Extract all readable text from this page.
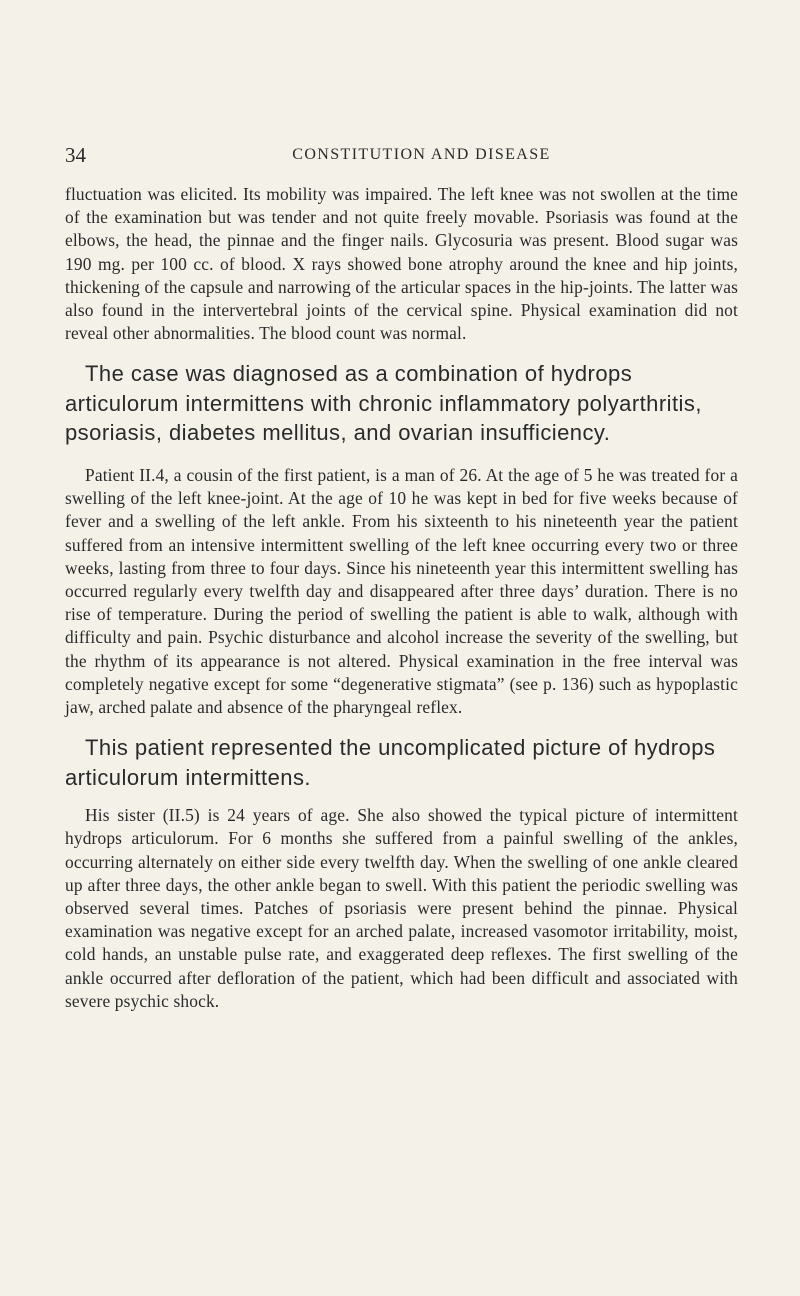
34	CONSTITUTION AND DISEASE

fluctuation was elicited. Its mobility was impaired. The left knee was not swollen at the time of the examination but was tender and not quite freely movable. Psoriasis was found at the elbows, the head, the pinnae and the finger nails. Glycosuria was present. Blood sugar was 190 mg. per 100 cc. of blood. X rays showed bone atrophy around the knee and hip joints, thickening of the capsule and narrowing of the articular spaces in the hip-joints. The latter was also found in the intervertebral joints of the cervical spine. Physical examination did not reveal other abnormalities. The blood count was normal.

The case was diagnosed as a combination of hydrops articulorum intermittens with chronic inflammatory polyarthritis, psoriasis, diabetes mellitus, and ovarian insufficiency.

Patient II.4, a cousin of the first patient, is a man of 26. At the age of 5 he was treated for a swelling of the left knee-joint. At the age of 10 he was kept in bed for five weeks because of fever and a swelling of the left ankle. From his sixteenth to his nineteenth year the patient suffered from an intensive intermittent swelling of the left knee occurring every two or three weeks, lasting from three to four days. Since his nineteenth year this intermittent swelling has occurred regularly every twelfth day and disappeared after three days’ duration. There is no rise of temperature. During the period of swelling the patient is able to walk, although with difficulty and pain. Psychic disturbance and alcohol increase the severity of the swelling, but the rhythm of its appearance is not altered. Physical examination in the free interval was completely negative except for some “degenerative stigmata” (see p. 136) such as hypoplastic jaw, arched palate and absence of the pharyngeal reflex.

This patient represented the uncomplicated picture of hydrops articulorum intermittens.

His sister (II.5) is 24 years of age. She also showed the typical picture of intermittent hydrops articulorum. For 6 months she suffered from a painful swelling of the ankles, occurring alternately on either side every twelfth day. When the swelling of one ankle cleared up after three days, the other ankle began to swell. With this patient the periodic swelling was observed several times. Patches of psoriasis were present behind the pinnae. Physical examination was negative except for an arched palate, increased vasomotor irritability, moist, cold hands, an unstable pulse rate, and exaggerated deep reflexes. The first swelling of the ankle occurred after defloration of the patient, which had been difficult and associated with severe psychic shock.
